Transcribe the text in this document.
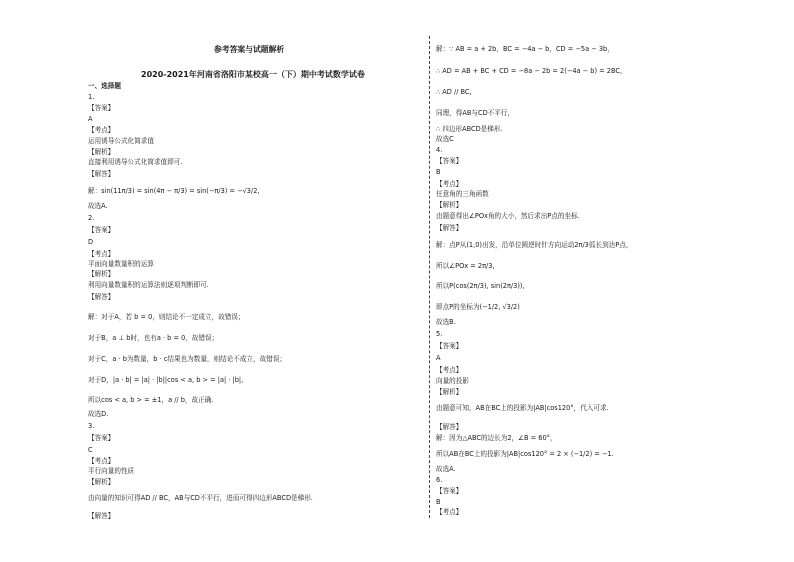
参考答案与试题解析
2020-2021年河南省洛阳市某校高一（下）期中考试数学试卷
一、选择题
1.
【答案】
A
【考点】
运用诱导公式化简求值
【解析】
直接利用诱导公式化简求值即可.
【解答】
解：sin(11π/3) = sin(4π − π/3) = sin(−π/3) = −√3/2,
故选A.
2.
【答案】
D
【考点】
平面向量数量积的运算
【解析】
利用向量数量积的运算法则逐项判断即可.
【解答】
解：对于A，若 b = 0，则结论不一定成立，故错误；
对于B，a ⊥ b时，也有a · b = 0，故错误；
对于C，a · b为数量，b · c结果也为数量，则结论不成立，故错误；
对于D，|a · b| = |a| · |b||cos < a, b > = |a| · |b|,
所以cos < a, b > = ±1，a // b，故正确.
故选D.
3.
【答案】
C
【考点】
平行向量的性质
【解析】
由向量的知识可得AD // BC，AB与CD不平行，进而可得四边形ABCD是梯形.
【解答】
解：∵ AB = a + 2b，BC = −4a − b，CD = −5a − 3b，
∴ AD = AB + BC + CD = −8a − 2b = 2(−4a − b) = 2BC,
∴ AD // BC,
同理，得AB与CD不平行，
∴ 四边形ABCD是梯形.
故选C
4.
【答案】
B
【考点】
任意角的三角函数
【解析】
由题意得出∠POx角的大小，然后求出P点的坐标.
【解答】
解：点P从(1,0)出发，沿单位圆逆时针方向运动2π/3弧长到达P点，
所以∠POx = 2π/3,
所以P(cos(2π/3), sin(2π/3)),
即点P的坐标为(−1/2, √3/2)
故选B.
5.
【答案】
A
【考点】
向量的投影
【解析】
由题意可知，AB在BC上的投影为|AB|cos120°，代入可求.
【解答】
解：因为△ABC的边长为2，∠B = 60°，
所以AB在BC上的投影为|AB|cos120° = 2 × (−1/2) = −1.
故选A.
6.
【答案】
B
【考点】
